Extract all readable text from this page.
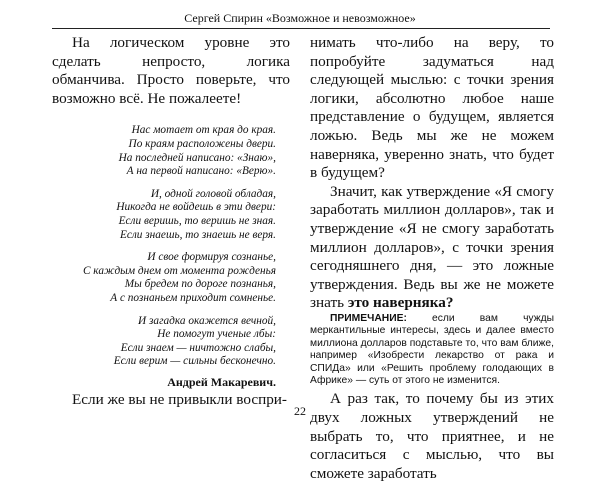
Сергей Спирин «Возможное и невозможное»

На логическом уровне это сделать непросто, логика обманчива. Просто поверьте, что возможно всё. Не пожалеете!

Нас мотает от края до края.
По краям расположены двери.
На последней написано: «Знаю»,
А на первой написано: «Верю».
И, одной головой обладая,
Никогда не войдешь в эти двери:
Если веришь, то веришь не зная.
Если знаешь, то знаешь не веря.
И свое формируя сознанье,
С каждым днем от момента рожденья
Мы бредем по дороге познанья,
А с познаньем приходит сомненье.
И загадка окажется вечной,
Не помогут ученые лбы:
Если знаем — ничтожно слабы,
Если верим — сильны бесконечно.
Андрей Макаревич.

Если же вы не привыкли воспри-

нимать что-либо на веру, то попробуйте задуматься над следующей мыслью: с точки зрения логики, абсолютно любое наше представление о будущем, является ложью. Ведь мы же не можем наверняка, уверенно знать, что будет в будущем?

Значит, как утверждение «Я смогу заработать миллион долларов», так и утверждение «Я не смогу заработать миллион долларов», с точки зрения сегодняшнего дня, — это ложные утверждения. Ведь вы же не можете знать это наверняка?

ПРИМЕЧАНИЕ: если вам чужды меркантильные интересы, здесь и далее вместо миллиона долларов подставьте то, что вам ближе, например «Изобрести лекарство от рака и СПИДа» или «Решить проблему голодающих в Африке» — суть от этого не изменится.

А раз так, то почему бы из этих двух ложных утверждений не выбрать то, что приятнее, и не согласиться с мыслью, что вы сможете заработать

22
